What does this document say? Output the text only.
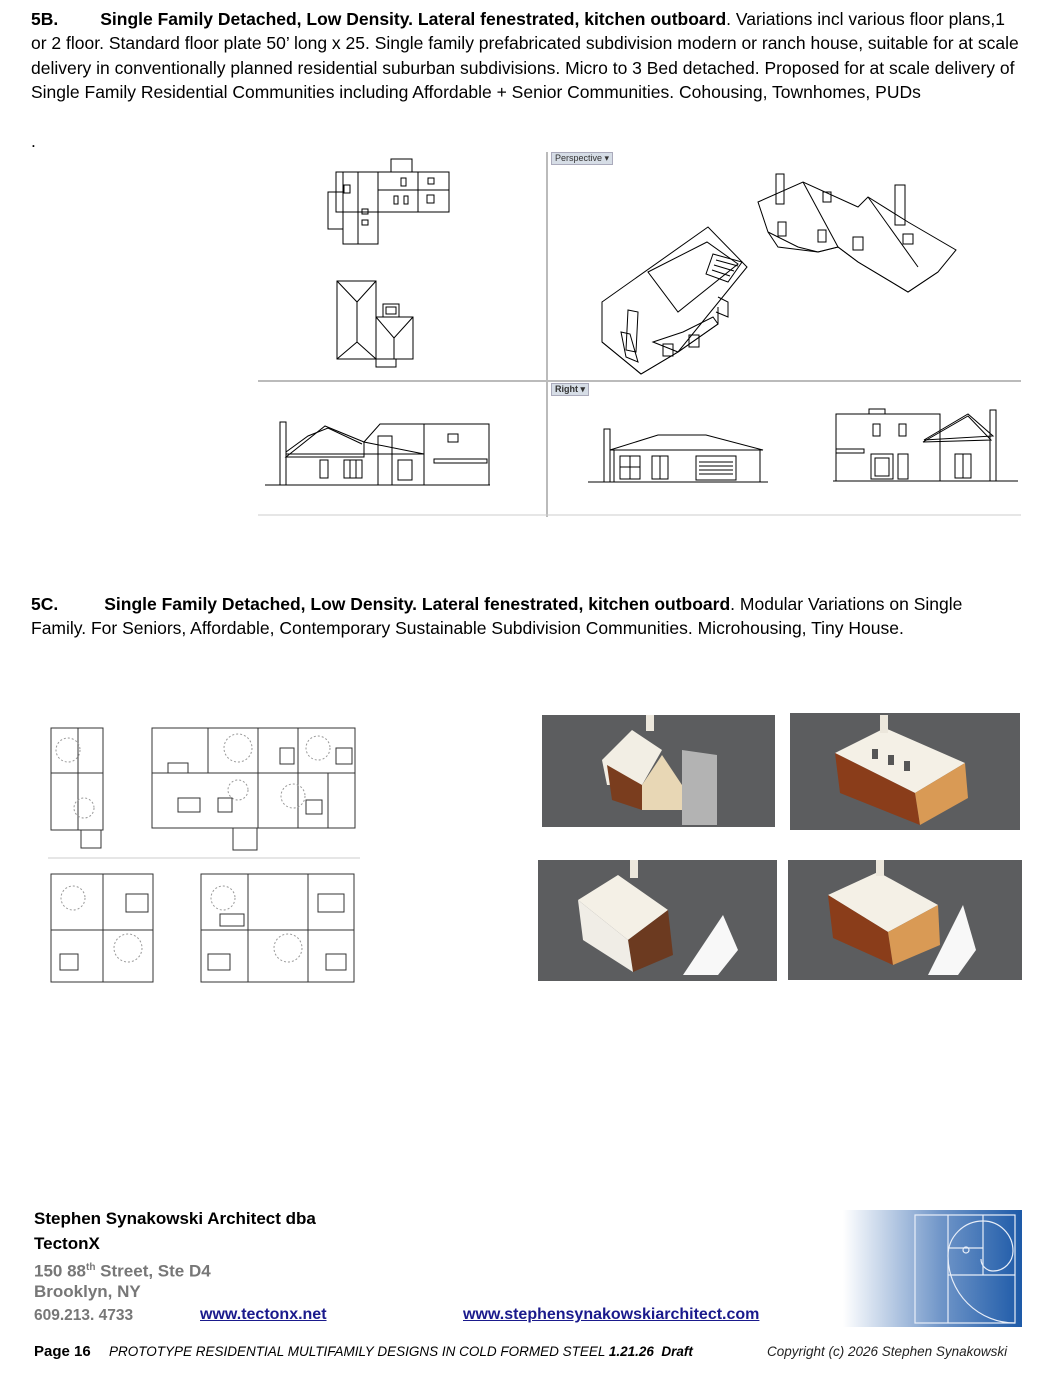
5B. Single Family Detached, Low Density. Lateral fenestrated, kitchen outboard. Variations incl various floor plans,1 or 2 floor. Standard floor plate 50’ long x 25. Single family prefabricated subdivision modern or ranch house, suitable for at scale delivery in conventionally planned residential suburban subdivisions. Micro to 3 Bed detached. Proposed for at scale delivery of Single Family Residential Communities including Affordable + Senior Communities. Cohousing, Townhomes, PUDs
.
Perspective ▾
Right ▾
5C.	Single Family Detached, Low Density. Lateral fenestrated, kitchen outboard. Modular Variations on Single Family. For Seniors, Affordable, Contemporary Sustainable Subdivision Communities. Microhousing, Tiny House.
Stephen Synakowski Architect dba
TectonX
150 88th Street, Ste D4
Brooklyn, NY
609.213. 4733	www.tectonx.net	www.stephensynakowskiarchitect.com
Page 16 PROTOTYPE RESIDENTIAL MULTIFAMILY DESIGNS IN COLD FORMED STEEL 1.21.26  Draft	Copyright (c) 2026 Stephen Synakowski
